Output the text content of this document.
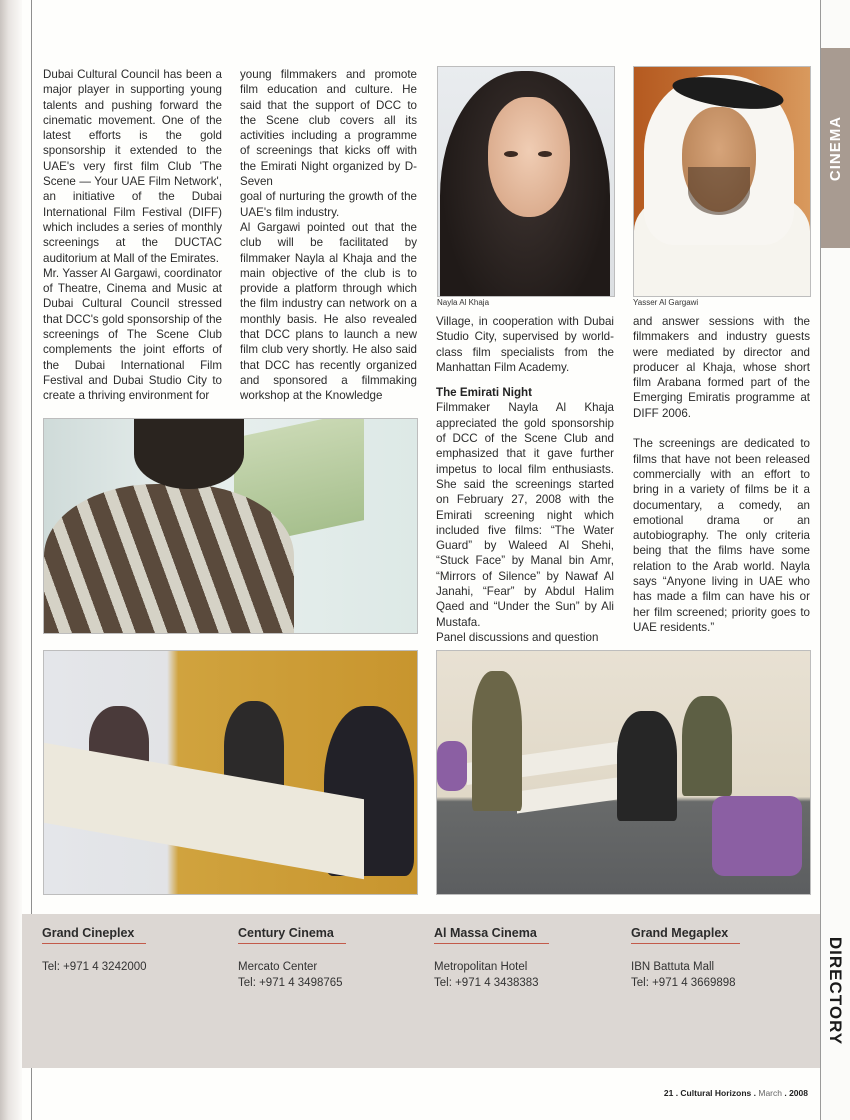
CINEMA

Dubai Cultural Council has been a major player in supporting young talents and pushing forward the cinematic movement. One of the latest efforts is the gold sponsorship it extended to the UAE's very first film Club 'The Scene — Your UAE Film Network', an initiative of the Dubai International Film Festival (DIFF) which includes a series of monthly screenings at the DUCTAC auditorium at Mall of the Emirates.

Mr. Yasser Al Gargawi, coordinator of Theatre, Cinema and Music at Dubai Cultural Council stressed that DCC's gold sponsorship of the screenings of The Scene Club complements the joint efforts of the Dubai International Film Festival and Dubai Studio City to create a thriving environment for

young filmmakers and promote film education and culture. He said that the support of DCC to the Scene club covers all its activities including a programme of screenings that kicks off with the Emirati Night organized by D-Seven

goal of nurturing the growth of the UAE's film industry.

Al Gargawi pointed out that the club will be facilitated by filmmaker Nayla al Khaja and the main objective of the club is to provide a platform through which the film industry can network on a monthly basis. He also revealed that DCC plans to launch a new film club very shortly. He also said that DCC has recently organized and sponsored a filmmaking workshop at the Knowledge

Nayla Al Khaja	Yasser Al Gargawi

Village, in cooperation with Dubai Studio City, supervised by world-class film specialists from the Manhattan Film Academy.

The Emirati Night

Filmmaker Nayla Al Khaja appreciated the gold sponsorship of DCC of the Scene Club and emphasized that it gave further impetus to local film enthusiasts. She said the screenings started on February 27, 2008 with the Emirati screening night which included five films: “The Water Guard” by Waleed Al Shehi, “Stuck Face” by Manal bin Amr, “Mirrors of Silence” by Nawaf Al Janahi, “Fear” by Abdul Halim Qaed and “Under the Sun” by Ali Mustafa.

Panel discussions and question

and answer sessions with the filmmakers and industry guests were mediated by director and producer al Khaja, whose short film Arabana formed part of the Emerging Emiratis programme at DIFF 2006.

The screenings are dedicated to films that have not been released commercially with an effort to bring in a variety of films be it a documentary, a comedy, an emotional drama or an autobiography. The only criteria being that the films have some relation to the Arab world. Nayla says “Anyone living in UAE who has made a film can have his or her film screened; priority goes to UAE residents.”

Grand Cineplex
Tel: +971 4 3242000
Century Cinema
Mercato Center
Tel: +971 4 3498765
Al Massa Cinema
Metropolitan Hotel
Tel: +971 4 3438383
Grand Megaplex
IBN Battuta Mall
Tel: +971 4 3669898	DIRECTORY
21 . Cultural Horizons . March . 2008
